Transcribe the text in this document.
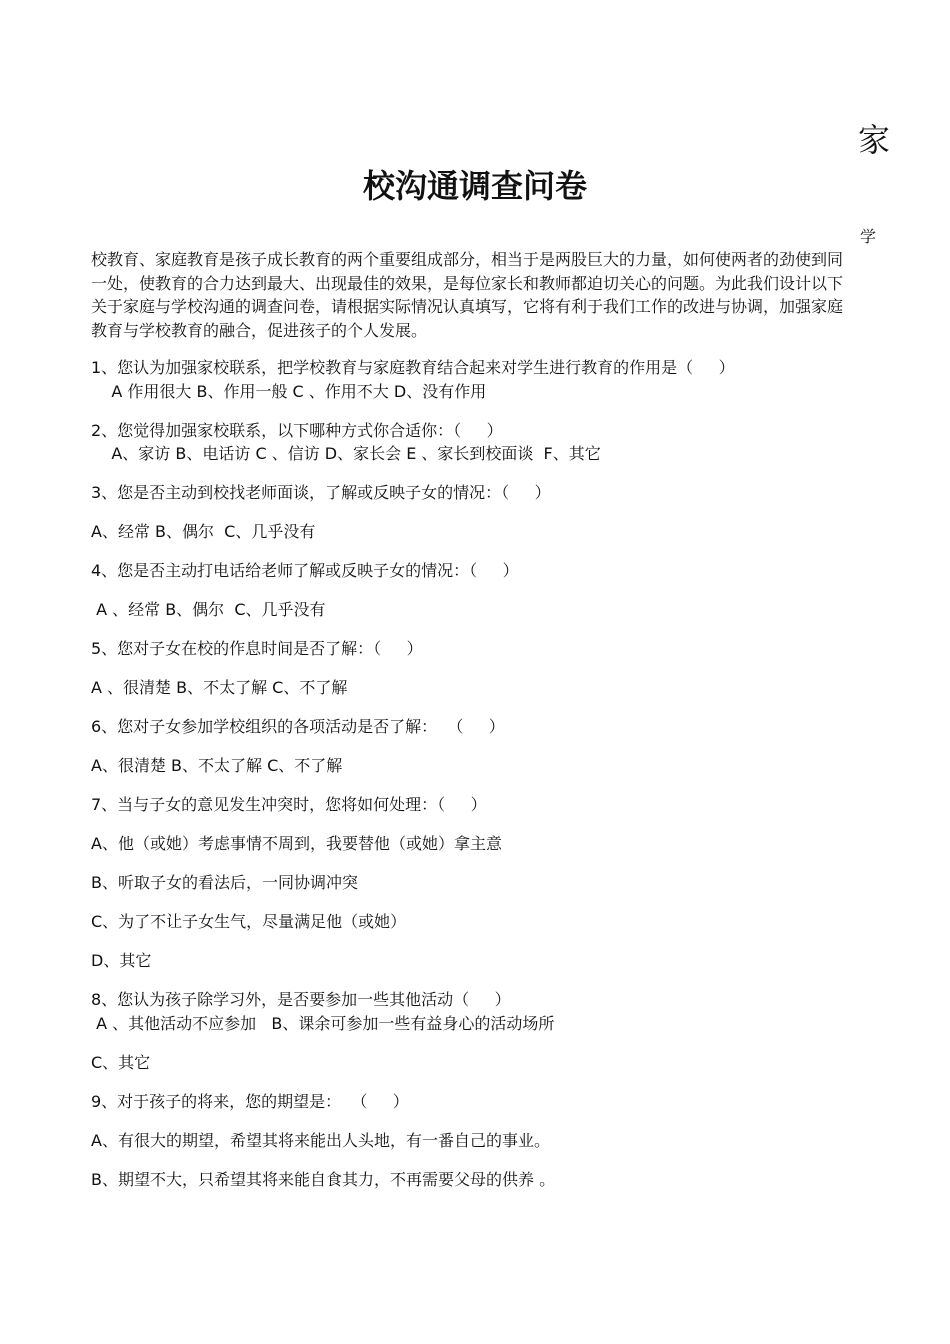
家
校沟通调查问卷
学

校教育、家庭教育是孩子成长教育的两个重要组成部分，相当于是两股巨大的力量，如何使两者的劲使到同一处，使教育的合力达到最大、出现最佳的效果，是每位家长和教师都迫切关心的问题。为此我们设计以下关于家庭与学校沟通的调查问卷，请根据实际情况认真填写，它将有利于我们工作的改进与协调，加强家庭教育与学校教育的融合，促进孩子的个人发展。

1、您认为加强家校联系，把学校教育与家庭教育结合起来对学生进行教育的作用是（     ）

A 作用很大 B、作用一般 C 、作用不大 D、没有作用

2、您觉得加强家校联系，以下哪种方式你合适你：（     ）

A、家访 B、电话访 C 、信访 D、家长会 E 、家长到校面谈  F、其它

3、您是否主动到校找老师面谈，了解或反映子女的情况：（     ）

A、经常 B、偶尔  C、几乎没有

4、您是否主动打电话给老师了解或反映子女的情况：（     ）

A 、经常 B、偶尔  C、几乎没有

5、您对子女在校的作息时间是否了解：（     ）

A 、很清楚 B、不太了解 C、不了解

6、您对子女参加学校组织的各项活动是否了解：  （     ）

A、很清楚 B、不太了解 C、不了解

7、当与子女的意见发生冲突时，您将如何处理：（     ）

A、他（或她）考虑事情不周到，我要替他（或她）拿主意

B、听取子女的看法后，一同协调冲突

C、为了不让子女生气，尽量满足他（或她）

D、其它

8、您认为孩子除学习外，是否要参加一些其他活动（     ）

A 、其他活动不应参加   B、课余可参加一些有益身心的活动场所

C、其它

9、对于孩子的将来，您的期望是：  （     ）

A、有很大的期望，希望其将来能出人头地，有一番自己的事业。

B、期望不大，只希望其将来能自食其力，不再需要父母的供养 。
